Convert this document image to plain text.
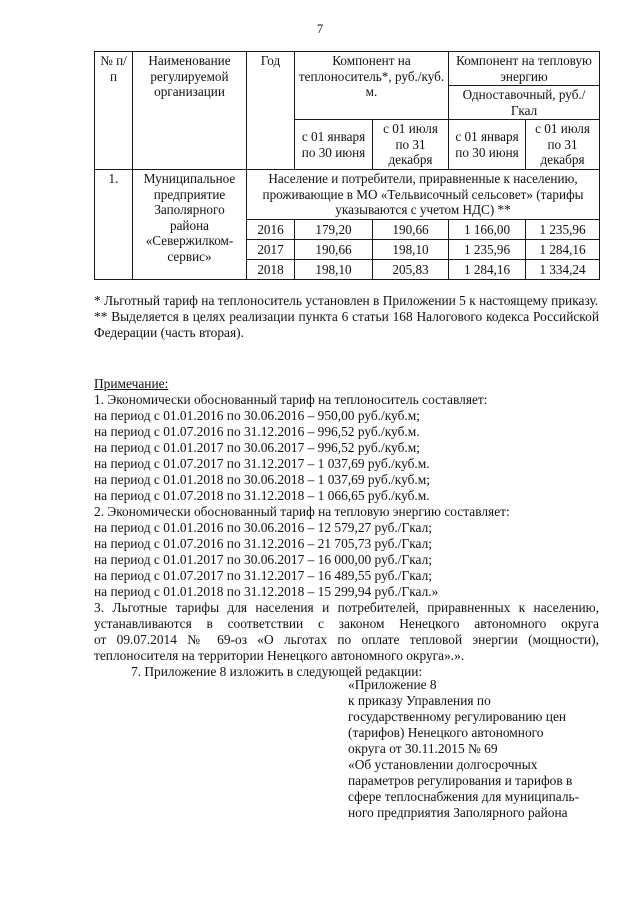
7
№ п/п	Наименование регулируемой организации	Год	Компонент на теплоноситель*, руб./куб. м.		Компонент на тепловую энергию	
					Одноставочный, руб./Гкал	
			с 01 января по 30 июня	с 01 июля по 31 декабря	с 01 января по 30 июня	с 01 июля по 31 декабря
1.	Муниципальное предприятие Заполярного района «Севержилком-сервис»	Население и потребители, приравненные к населению, проживающие в МО «Тельвисочный сельсовет» (тарифы указываются с учетом НДС) **				
		2016	179,20	190,66	1 166,00	1 235,96
		2017	190,66	198,10	1 235,96	1 284,16
		2018	198,10	205,83	1 284,16	1 334,24
* Льготный тариф на теплоноситель установлен в Приложении 5 к настоящему приказу.
** Выделяется в целях реализации пункта 6 статьи 168 Налогового кодекса Российской Федерации (часть вторая).
Примечание:
1. Экономически обоснованный тариф на теплоноситель составляет:
на период с 01.01.2016 по 30.06.2016 – 950,00 руб./куб.м;
на период с 01.07.2016 по 31.12.2016 – 996,52 руб./куб.м.
на период с 01.01.2017 по 30.06.2017 – 996,52 руб./куб.м;
на период с 01.07.2017 по 31.12.2017 – 1 037,69 руб./куб.м.
на период с 01.01.2018 по 30.06.2018 – 1 037,69 руб./куб.м;
на период с 01.07.2018 по 31.12.2018 – 1 066,65 руб./куб.м.
2. Экономически обоснованный тариф на тепловую энергию составляет:
на период с 01.01.2016 по 30.06.2016 – 12 579,27 руб./Гкал;
на период с 01.07.2016 по 31.12.2016 – 21 705,73 руб./Гкал;
на период с 01.01.2017 по 30.06.2017 – 16 000,00 руб./Гкал;
на период с 01.07.2017 по 31.12.2017 – 16 489,55 руб./Гкал;
на период с 01.01.2018 по 31.12.2018 – 15 299,94 руб./Гкал.»
3. Льготные тарифы для населения и потребителей, приравненных к населению,
устанавливаются в соответствии с законом Ненецкого автономного округа
от 09.07.2014 № 69-оз «О льготах по оплате тепловой энергии (мощности),
теплоносителя на территории Ненецкого автономного округа».».
7. Приложение 8 изложить в следующей редакции:
«Приложение 8
к приказу Управления по
государственному регулированию цен
(тарифов) Ненецкого автономного
округа от 30.11.2015 № 69
«Об установлении долгосрочных
параметров регулирования и тарифов в
сфере теплоснабжения для муниципаль-
ного предприятия Заполярного района
